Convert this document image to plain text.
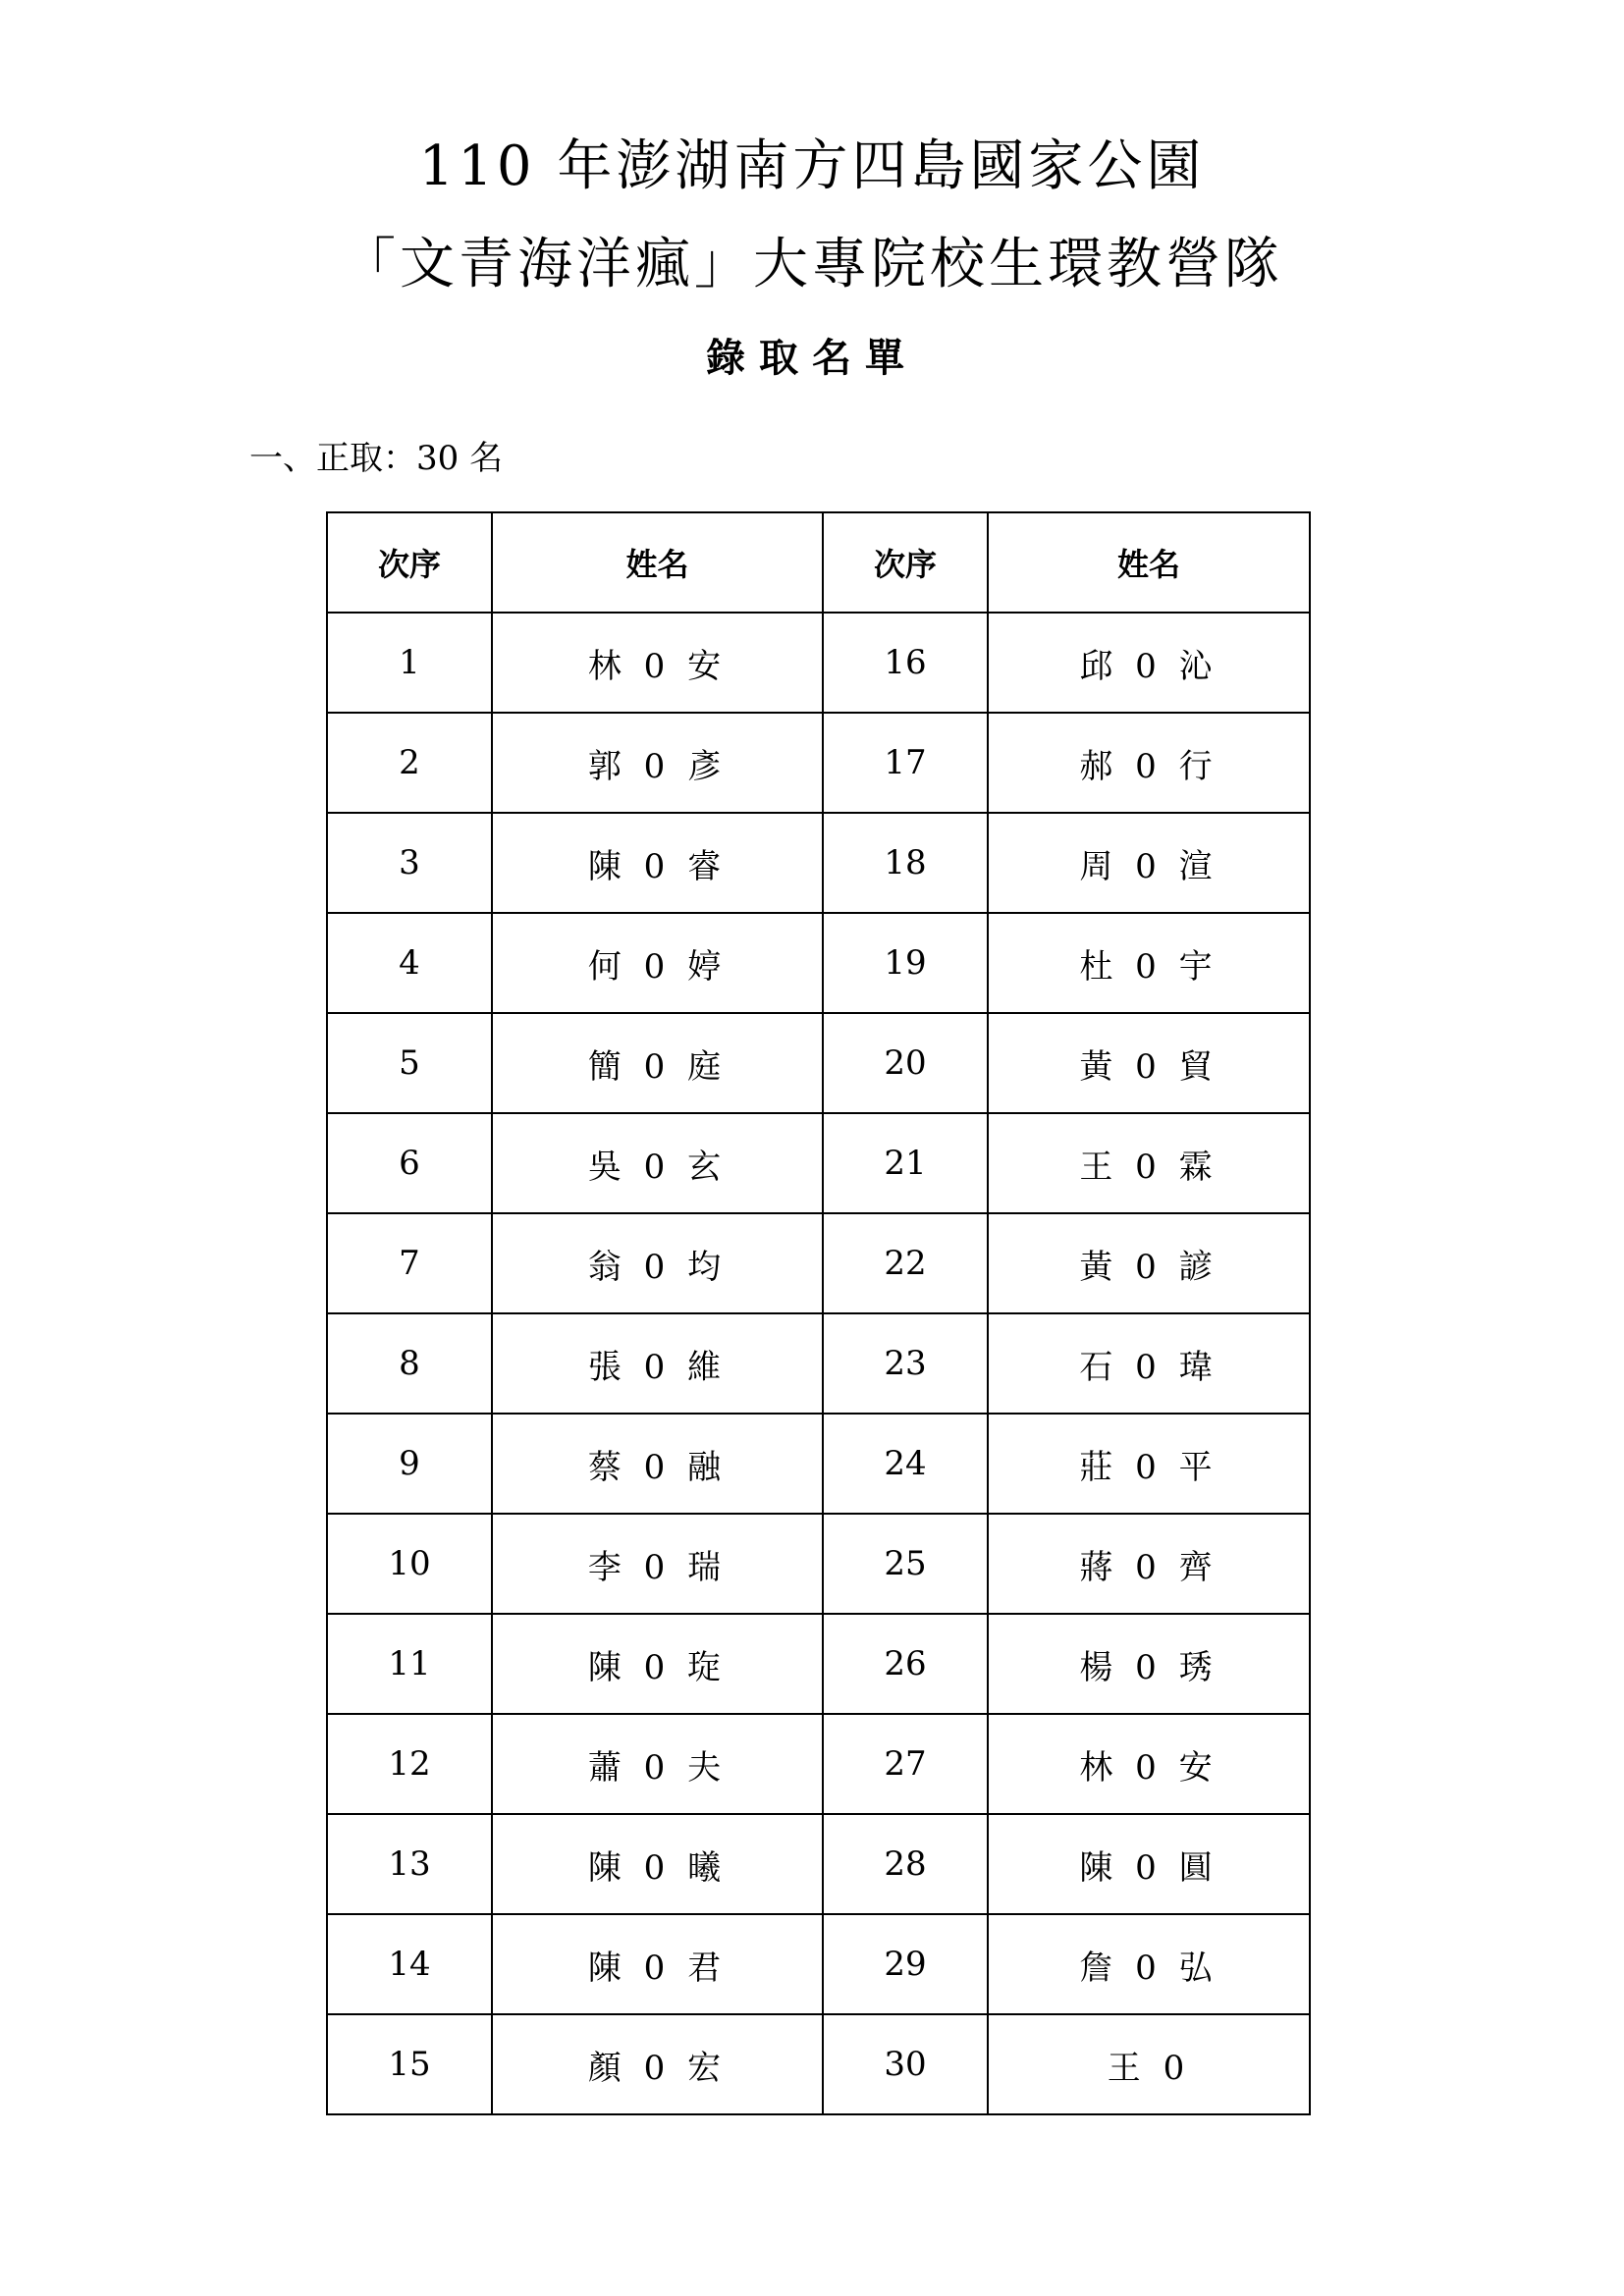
110 年澎湖南方四島國家公園
「文青海洋瘋」大專院校生環教營隊
錄取名單
一、正取：30 名
次序	姓名	次序	姓名
1	林 0 安	16	邱 0 沁
2	郭 0 彥	17	郝 0 行
3	陳 0 睿	18	周 0 渲
4	何 0 婷	19	杜 0 宇
5	簡 0 庭	20	黃 0 貿
6	吳 0 玄	21	王 0 霖
7	翁 0 均	22	黃 0 諺
8	張 0 維	23	石 0 瑋
9	蔡 0 融	24	莊 0 平
10	李 0 瑞	25	蔣 0 齊
11	陳 0 琁	26	楊 0 琇
12	蕭 0 夫	27	林 0 安
13	陳 0 曦	28	陳 0 圓
14	陳 0 君	29	詹 0 弘
15	顏 0 宏	30	王 0
